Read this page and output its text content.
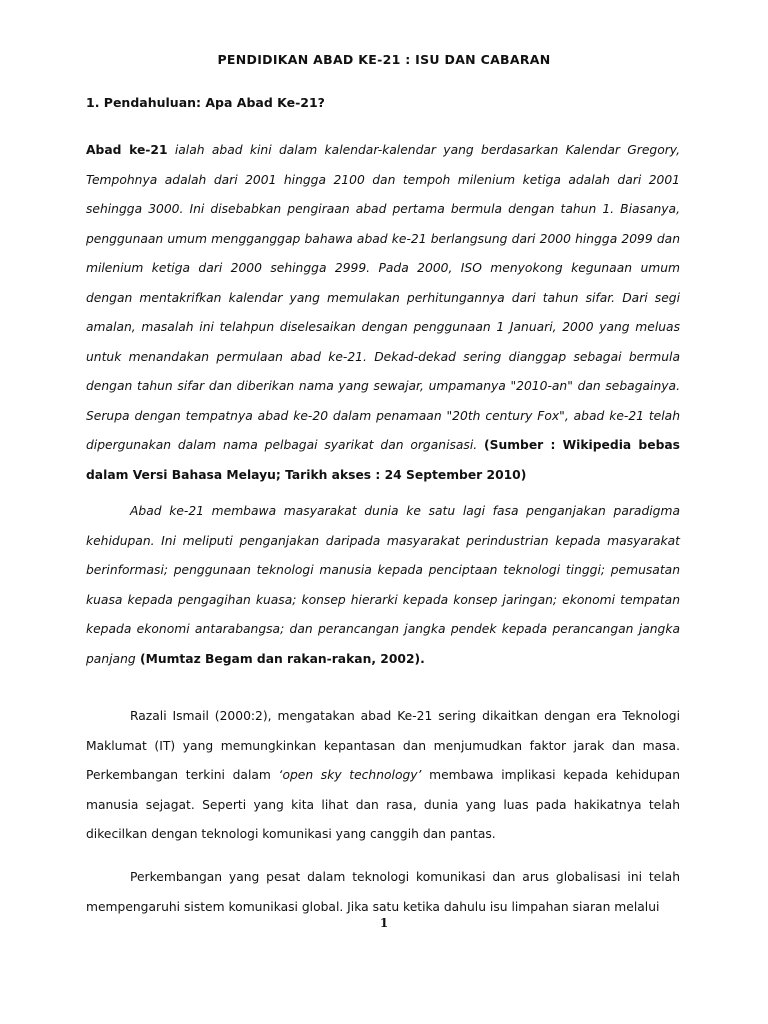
PENDIDIKAN ABAD KE-21 : ISU DAN CABARAN
1. Pendahuluan: Apa Abad Ke-21?

Abad ke-21 ialah abad kini dalam kalendar-kalendar yang berdasarkan Kalendar Gregory, Tempohnya adalah dari 2001 hingga 2100 dan tempoh milenium ketiga adalah dari 2001 sehingga 3000. Ini disebabkan pengiraan abad pertama bermula dengan tahun 1. Biasanya, penggunaan umum mengganggap bahawa abad ke-21 berlangsung dari 2000 hingga 2099 dan milenium ketiga dari 2000 sehingga 2999. Pada 2000, ISO menyokong kegunaan umum dengan mentakrifkan kalendar yang memulakan perhitungannya dari tahun sifar. Dari segi amalan, masalah ini telahpun diselesaikan dengan penggunaan 1 Januari, 2000 yang meluas untuk menandakan permulaan abad ke-21. Dekad-dekad sering dianggap sebagai bermula dengan tahun sifar dan diberikan nama yang sewajar, umpamanya "2010-an" dan sebagainya. Serupa dengan tempatnya abad ke-20 dalam penamaan "20th century Fox", abad ke-21 telah dipergunakan dalam nama pelbagai syarikat dan organisasi. (Sumber : Wikipedia bebas dalam Versi Bahasa Melayu; Tarikh akses : 24 September 2010)

Abad ke-21 membawa masyarakat dunia ke satu lagi fasa penganjakan paradigma kehidupan. Ini meliputi penganjakan daripada masyarakat perindustrian kepada masyarakat berinformasi; penggunaan teknologi manusia kepada penciptaan teknologi tinggi; pemusatan kuasa kepada pengagihan kuasa; konsep hierarki kepada konsep jaringan; ekonomi tempatan kepada ekonomi antarabangsa; dan perancangan jangka pendek kepada perancangan jangka panjang (Mumtaz Begam dan rakan-rakan, 2002).

Razali Ismail (2000:2), mengatakan abad Ke-21 sering dikaitkan dengan era Teknologi Maklumat (IT) yang memungkinkan kepantasan dan menjumudkan faktor jarak dan masa. Perkembangan terkini dalam ‘open sky technology’ membawa implikasi kepada kehidupan manusia sejagat. Seperti yang kita lihat dan rasa, dunia yang luas pada hakikatnya telah dikecilkan dengan teknologi komunikasi yang canggih dan pantas.

Perkembangan yang pesat dalam teknologi komunikasi dan arus globalisasi ini telah mempengaruhi sistem komunikasi global. Jika satu ketika dahulu isu limpahan siaran melalui

1
